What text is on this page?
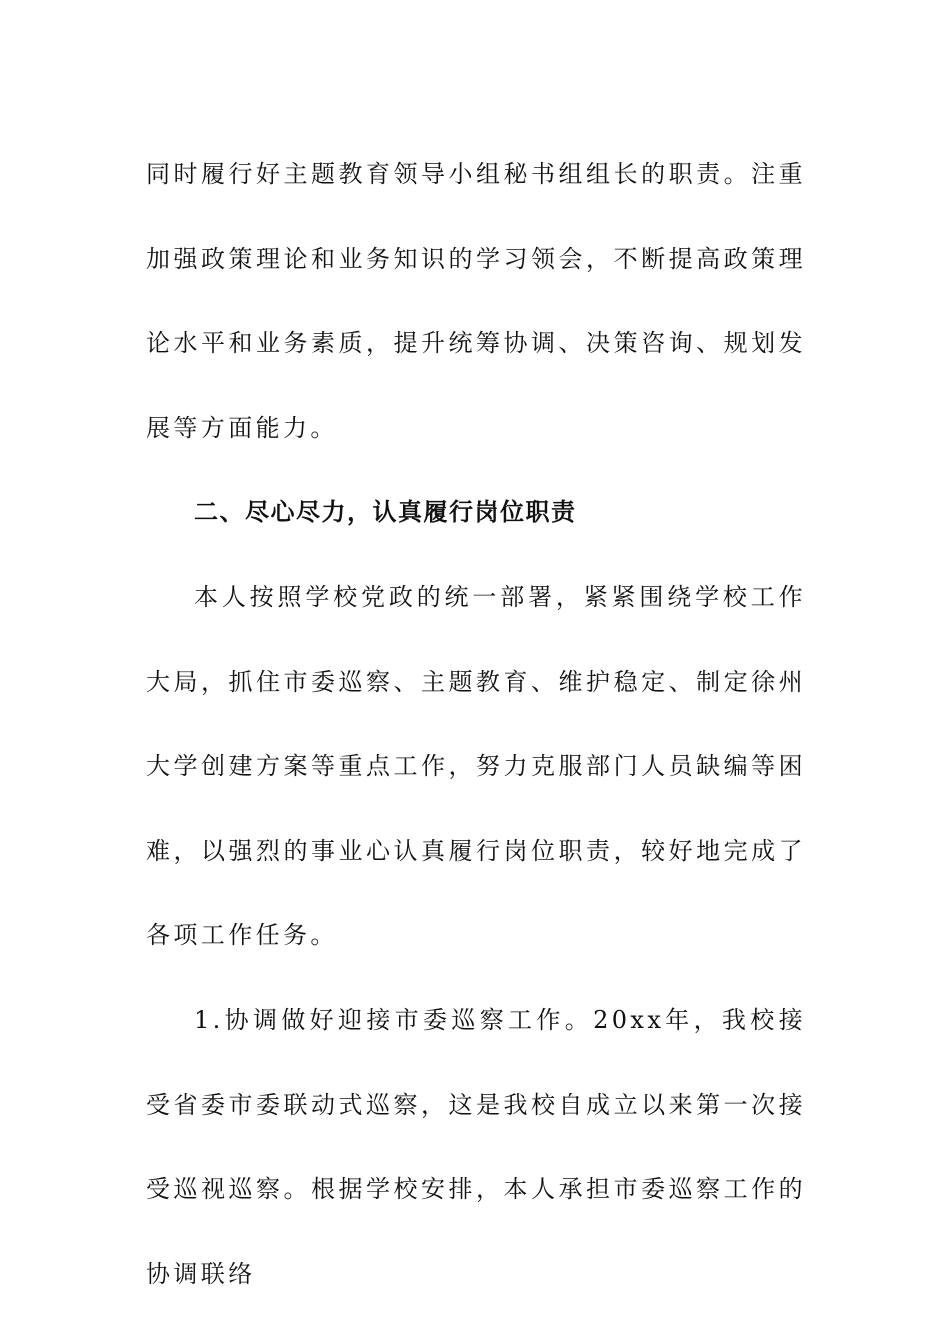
同时履行好主题教育领导小组秘书组组长的职责。注重加强政策理论和业务知识的学习领会，不断提高政策理论水平和业务素质，提升统筹协调、决策咨询、规划发展等方面能力。

二、尽心尽力，认真履行岗位职责

本人按照学校党政的统一部署，紧紧围绕学校工作大局，抓住市委巡察、主题教育、维护稳定、制定徐州大学创建方案等重点工作，努力克服部门人员缺编等困难，以强烈的事业心认真履行岗位职责，较好地完成了各项工作任务。

1.协调做好迎接市委巡察工作。20xx年，我校接受省委市委联动式巡察，这是我校自成立以来第一次接受巡视巡察。根据学校安排，本人承担市委巡察工作的协调联络
